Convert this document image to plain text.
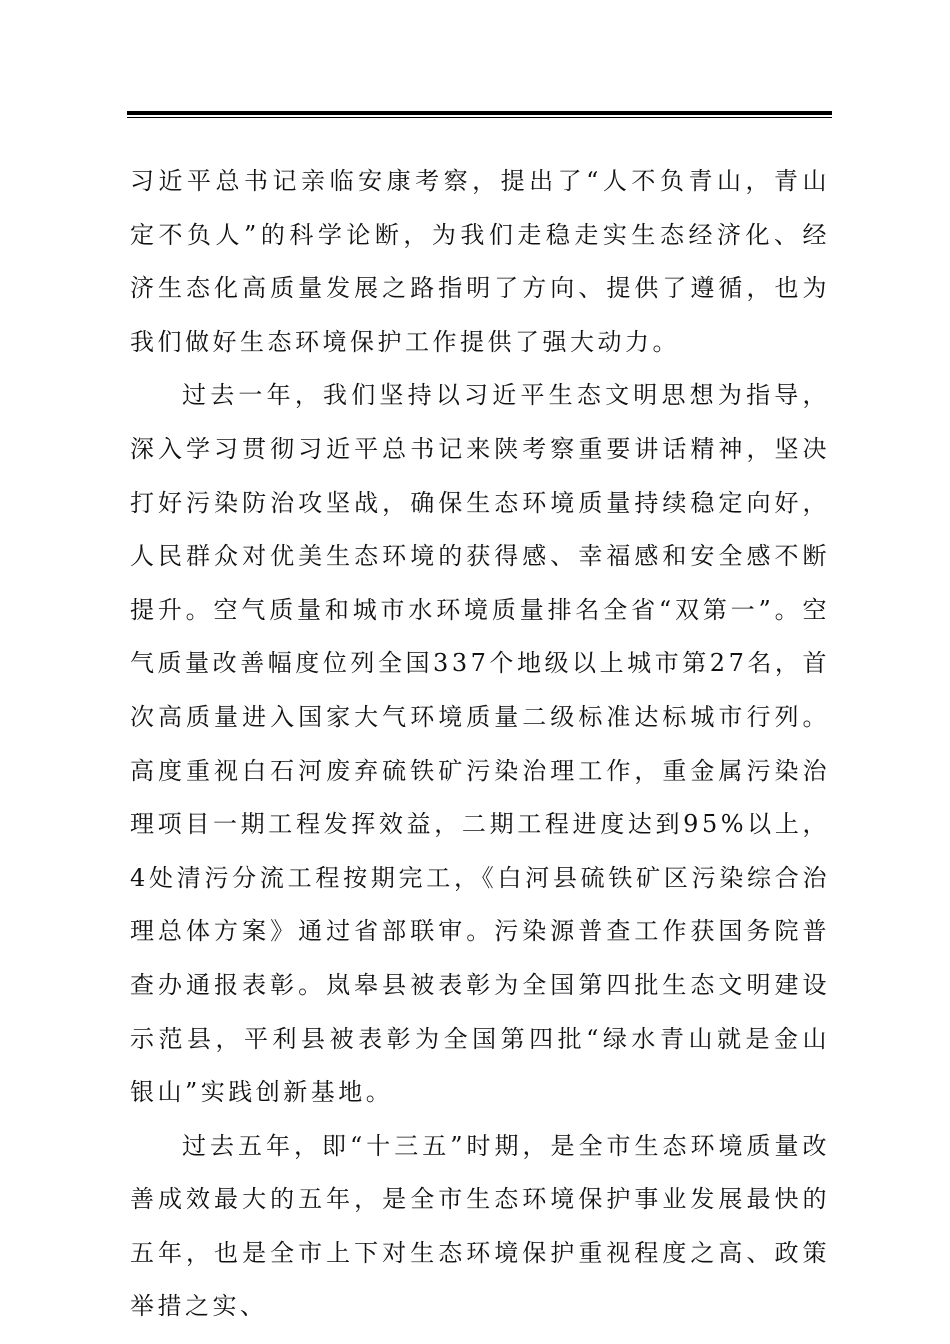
习近平总书记亲临安康考察，提出了“人不负青山，青山定不负人”的科学论断，为我们走稳走实生态经济化、经济生态化高质量发展之路指明了方向、提供了遵循，也为我们做好生态环境保护工作提供了强大动力。

过去一年，我们坚持以习近平生态文明思想为指导，深入学习贯彻习近平总书记来陕考察重要讲话精神，坚决打好污染防治攻坚战，确保生态环境质量持续稳定向好，人民群众对优美生态环境的获得感、幸福感和安全感不断提升。空气质量和城市水环境质量排名全省“双第一”。空气质量改善幅度位列全国337个地级以上城市第27名，首次高质量进入国家大气环境质量二级标准达标城市行列。高度重视白石河废弃硫铁矿污染治理工作，重金属污染治理项目一期工程发挥效益，二期工程进度达到95%以上，4处清污分流工程按期完工，《白河县硫铁矿区污染综合治理总体方案》通过省部联审。污染源普查工作获国务院普查办通报表彰。岚皋县被表彰为全国第四批生态文明建设示范县，平利县被表彰为全国第四批“绿水青山就是金山银山”实践创新基地。

过去五年，即“十三五”时期，是全市生态环境质量改善成效最大的五年，是全市生态环境保护事业发展最快的五年，也是全市上下对生态环境保护重视程度之高、政策举措之实、
